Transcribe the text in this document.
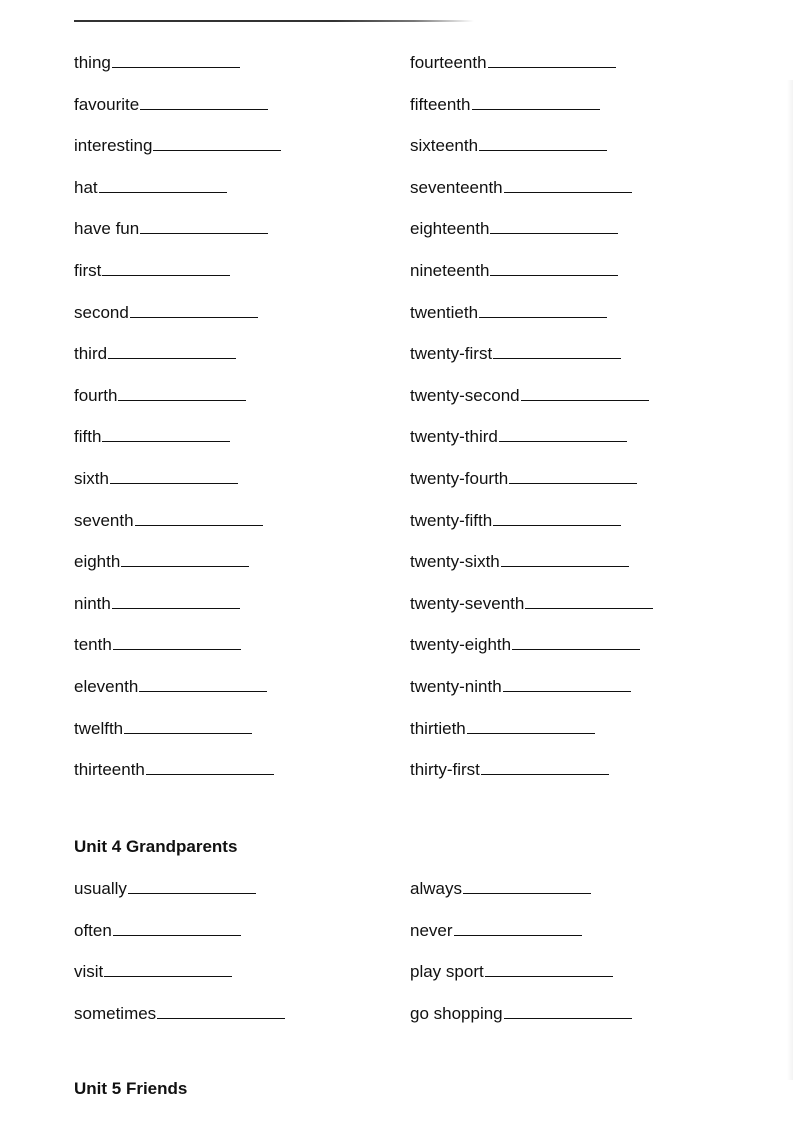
thing	fourteenth
favourite	fifteenth
interesting	sixteenth
hat	seventeenth
have fun	eighteenth
first	nineteenth
second	twentieth
third	twenty-first
fourth	twenty-second
fifth	twenty-third
sixth	twenty-fourth
seventh	twenty-fifth
eighth	twenty-sixth
ninth	twenty-seventh
tenth	twenty-eighth
eleventh	twenty-ninth
twelfth	thirtieth
thirteenth	thirty-first
Unit 4 Grandparents
usually	always
often	never
visit	play sport
sometimes	go shopping
Unit 5 Friends
